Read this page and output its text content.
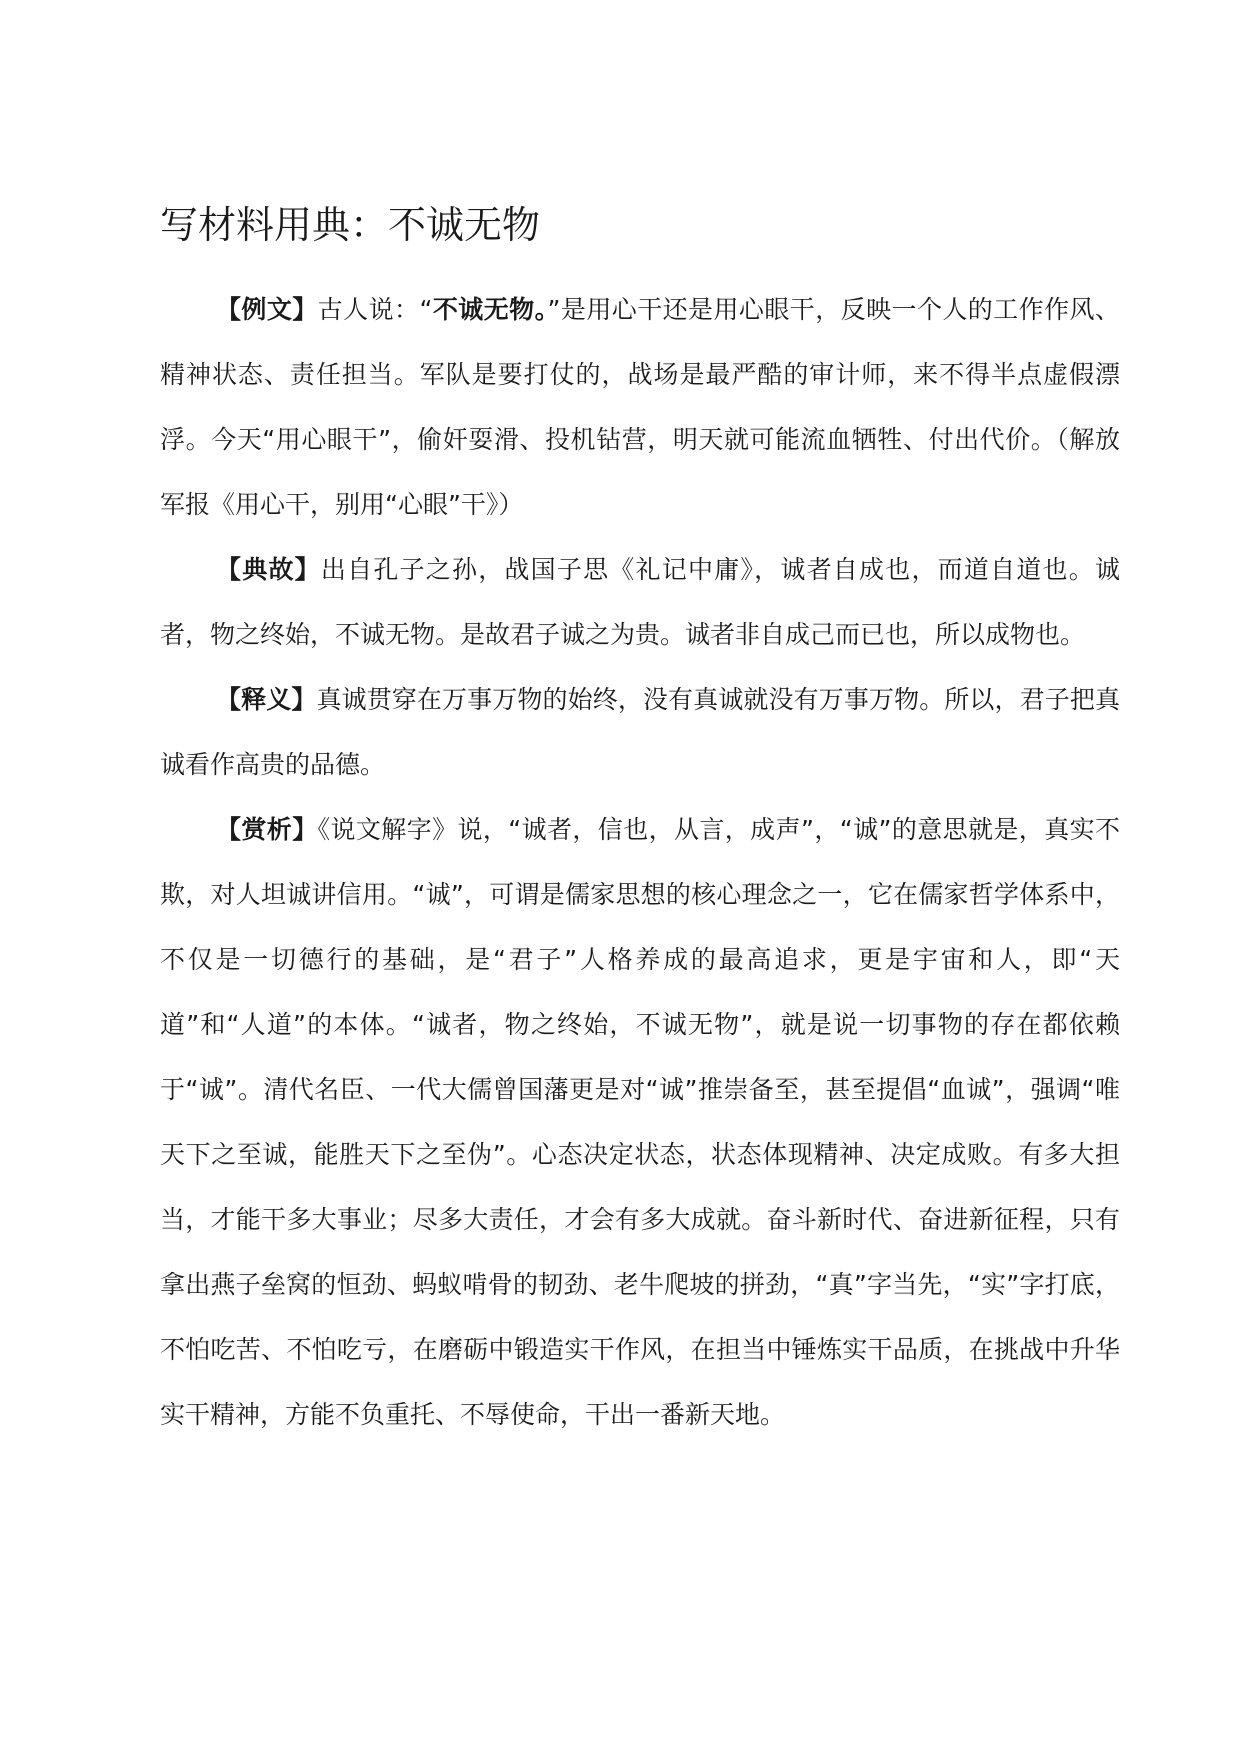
写材料用典：不诚无物

【例文】古人说：“不诚无物。”是用心干还是用心眼干，反映一个人的工作作风、精神状态、责任担当。军队是要打仗的，战场是最严酷的审计师，来不得半点虚假漂浮。今天“用心眼干”，偷奸耍滑、投机钻营，明天就可能流血牺牲、付出代价。（解放军报《用心干，别用“心眼”干》）

【典故】出自孔子之孙，战国子思《礼记中庸》，诚者自成也，而道自道也。诚者，物之终始，不诚无物。是故君子诚之为贵。诚者非自成己而已也，所以成物也。

【释义】真诚贯穿在万事万物的始终，没有真诚就没有万事万物。所以，君子把真诚看作高贵的品德。

【赏析】《说文解字》说，“诚者，信也，从言，成声”，“诚”的意思就是，真实不欺，对人坦诚讲信用。“诚”，可谓是儒家思想的核心理念之一，它在儒家哲学体系中，不仅是一切德行的基础，是“君子”人格养成的最高追求，更是宇宙和人，即“天道”和“人道”的本体。“诚者，物之终始，不诚无物”，就是说一切事物的存在都依赖于“诚”。清代名臣、一代大儒曾国藩更是对“诚”推崇备至，甚至提倡“血诚”，强调“唯天下之至诚，能胜天下之至伪”。心态决定状态，状态体现精神、决定成败。有多大担当，才能干多大事业；尽多大责任，才会有多大成就。奋斗新时代、奋进新征程，只有拿出燕子垒窝的恒劲、蚂蚁啃骨的韧劲、老牛爬坡的拼劲，“真”字当先，“实”字打底，不怕吃苦、不怕吃亏，在磨砺中锻造实干作风，在担当中锤炼实干品质，在挑战中升华实干精神，方能不负重托、不辱使命，干出一番新天地。
